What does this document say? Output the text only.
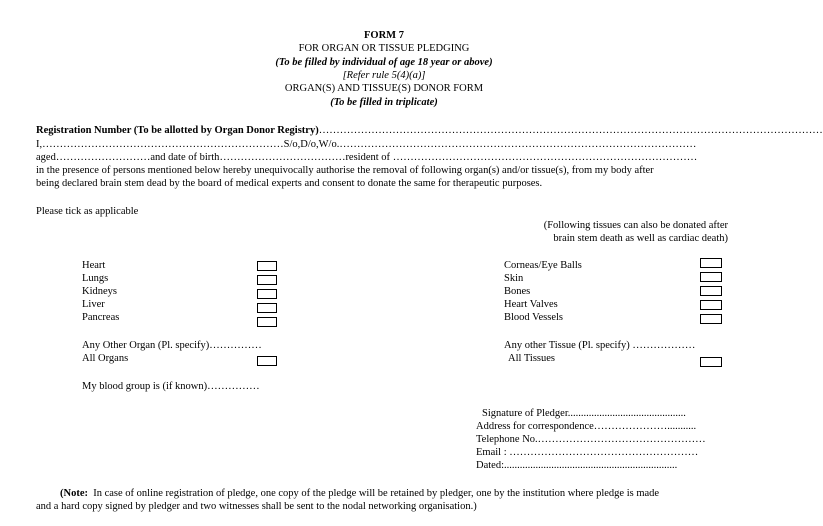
FORM 7
FOR ORGAN OR TISSUE PLEDGING
(To be filled by individual of age 18 year or above)
[Refer rule 5(4)(a)]
ORGAN(S) AND TISSUE(S) DONOR FORM
(To be filled in triplicate)
Registration Number (To be allotted by Organ Donor Registry)………………………………………………………………………………………………………………………………
I,……………………………………………………………S/o,D/o,W/o.…………………………………………………………………………………………
aged………………………and date of birth………………………………resident of ……………………………………………………………………………
in the presence of persons mentioned below hereby unequivocally authorise the removal of following organ(s) and/or tissue(s), from my body after
being declared brain stem dead by the board of medical experts and consent to donate the same for therapeutic purposes.
Please tick as applicable
(Following tissues can also be donated after
brain stem death as well as cardiac death)
Heart
Lungs
Kidneys
Liver
Pancreas
Any Other Organ (Pl. specify)……………
All Organs
My blood group is (if known)……………
Corneas/Eye Balls
Skin
Bones
Heart Valves
Blood Vessels
Any other Tissue (Pl. specify) ………………
All Tissues
Signature of Pledger.............................................
Address for correspondence…………………...........
Telephone No.…………………………………………
Email : ………………………………………………
Dated:..................................................................
(Note: In case of online registration of pledge, one copy of the pledge will be retained by pledger, one by the institution where pledge is made
and a hard copy signed by pledger and two witnesses shall be sent to the nodal networking organisation.)
